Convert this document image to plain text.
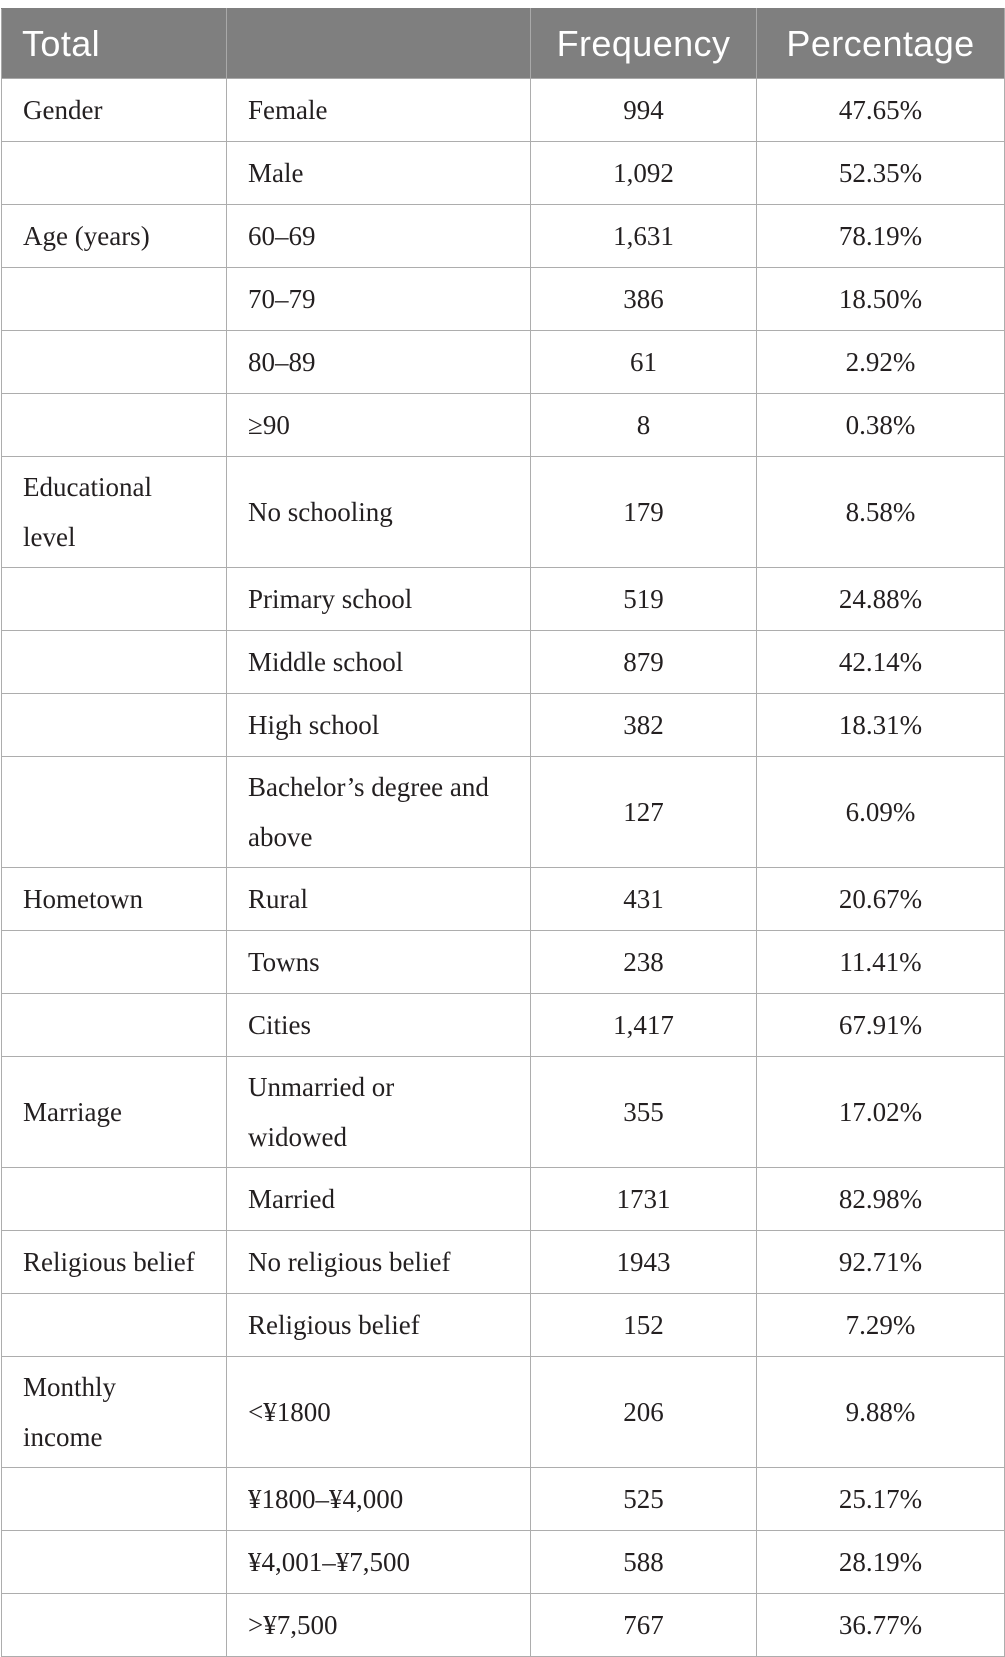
Total		Frequency	Percentage
Gender	Female	994	47.65%
	Male	1,092	52.35%
Age (years)	60–69	1,631	78.19%
	70–79	386	18.50%
	80–89	61	2.92%
	≥90	8	0.38%
Educational level	No schooling	179	8.58%
	Primary school	519	24.88%
	Middle school	879	42.14%
	High school	382	18.31%
	Bachelor’s degree and above	127	6.09%
Hometown	Rural	431	20.67%
	Towns	238	11.41%
	Cities	1,417	67.91%
Marriage	Unmarried or widowed	355	17.02%
	Married	1731	82.98%
Religious belief	No religious belief	1943	92.71%
	Religious belief	152	7.29%
Monthly income	<¥1800	206	9.88%
	¥1800–¥4,000	525	25.17%
	¥4,001–¥7,500	588	28.19%
	>¥7,500	767	36.77%
